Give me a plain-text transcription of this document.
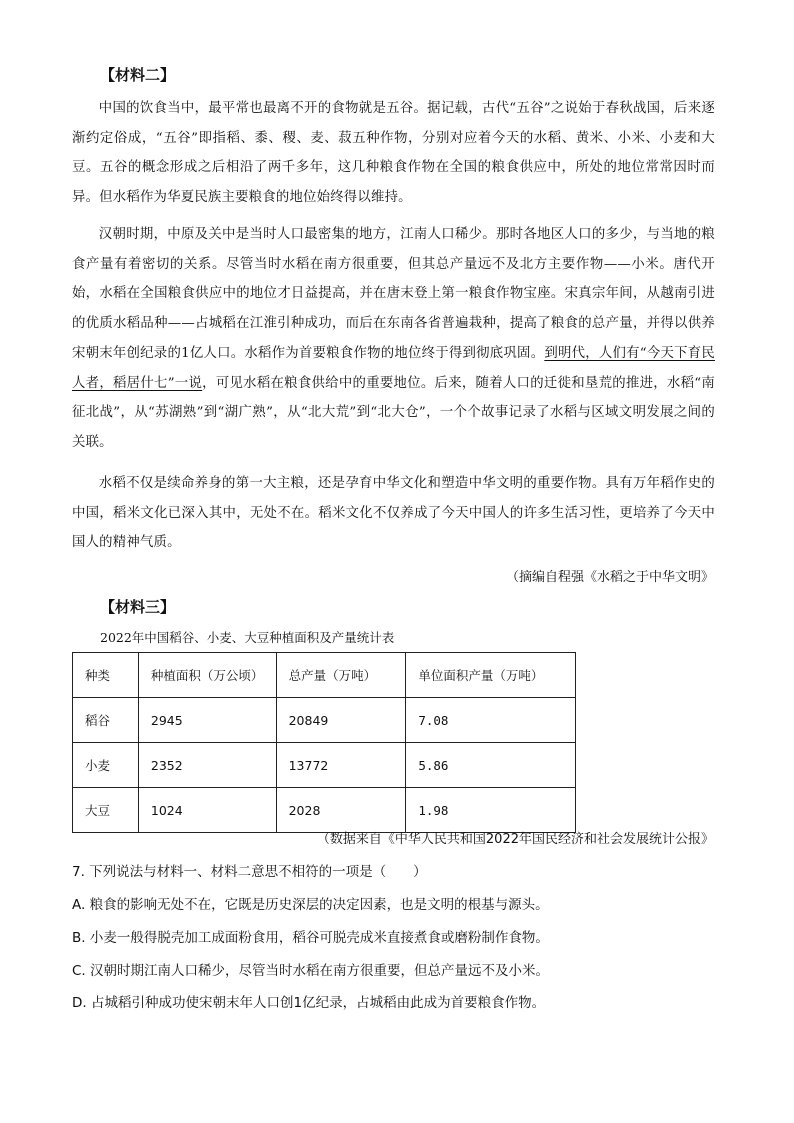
【材料二】
中国的饮食当中，最平常也最离不开的食物就是五谷。据记载，古代“五谷”之说始于春秋战国，后来逐渐约定俗成，“五谷”即指稻、黍、稷、麦、菽五种作物，分别对应着今天的水稻、黄米、小米、小麦和大豆。五谷的概念形成之后相沿了两千多年，这几种粮食作物在全国的粮食供应中，所处的地位常常因时而异。但水稻作为华夏民族主要粮食的地位始终得以维持。
汉朝时期，中原及关中是当时人口最密集的地方，江南人口稀少。那时各地区人口的多少，与当地的粮食产量有着密切的关系。尽管当时水稻在南方很重要，但其总产量远不及北方主要作物——小米。唐代开始，水稻在全国粮食供应中的地位才日益提高，并在唐末登上第一粮食作物宝座。宋真宗年间，从越南引进的优质水稻品种——占城稻在江淮引种成功，而后在东南各省普遍栽种，提高了粮食的总产量，并得以供养宋朝末年创纪录的1亿人口。水稻作为首要粮食作物的地位终于得到彻底巩固。到明代，人们有“今天下育民人者，稻居什七”一说，可见水稻在粮食供给中的重要地位。后来，随着人口的迁徙和垦荒的推进，水稻“南征北战”，从“苏湖熟”到“湖广熟”，从“北大荒”到“北大仓”，一个个故事记录了水稻与区域文明发展之间的关联。
水稻不仅是续命养身的第一大主粮，还是孕育中华文化和塑造中华文明的重要作物。具有万年稻作史的中国，稻米文化已深入其中，无处不在。稻米文化不仅养成了今天中国人的许多生活习性，更培养了今天中国人的精神气质。
（摘编自程强《水稻之于中华文明》
【材料三】
2022年中国稻谷、小麦、大豆种植面积及产量统计表
种类	种植面积（万公顷）	总产量（万吨）	单位面积产量（万吨）
稻谷	2945	20849	7.08
小麦	2352	13772	5.86
大豆	1024	2028	1.98
（数据来自《中华人民共和国2022年国民经济和社会发展统计公报》
7. 下列说法与材料一、材料二意思不相符的一项是（　　）
A. 粮食的影响无处不在，它既是历史深层的决定因素，也是文明的根基与源头。
B. 小麦一般得脱壳加工成面粉食用，稻谷可脱壳成米直接煮食或磨粉制作食物。
C. 汉朝时期江南人口稀少，尽管当时水稻在南方很重要，但总产量远不及小米。
D. 占城稻引种成功使宋朝末年人口创1亿纪录，占城稻由此成为首要粮食作物。
